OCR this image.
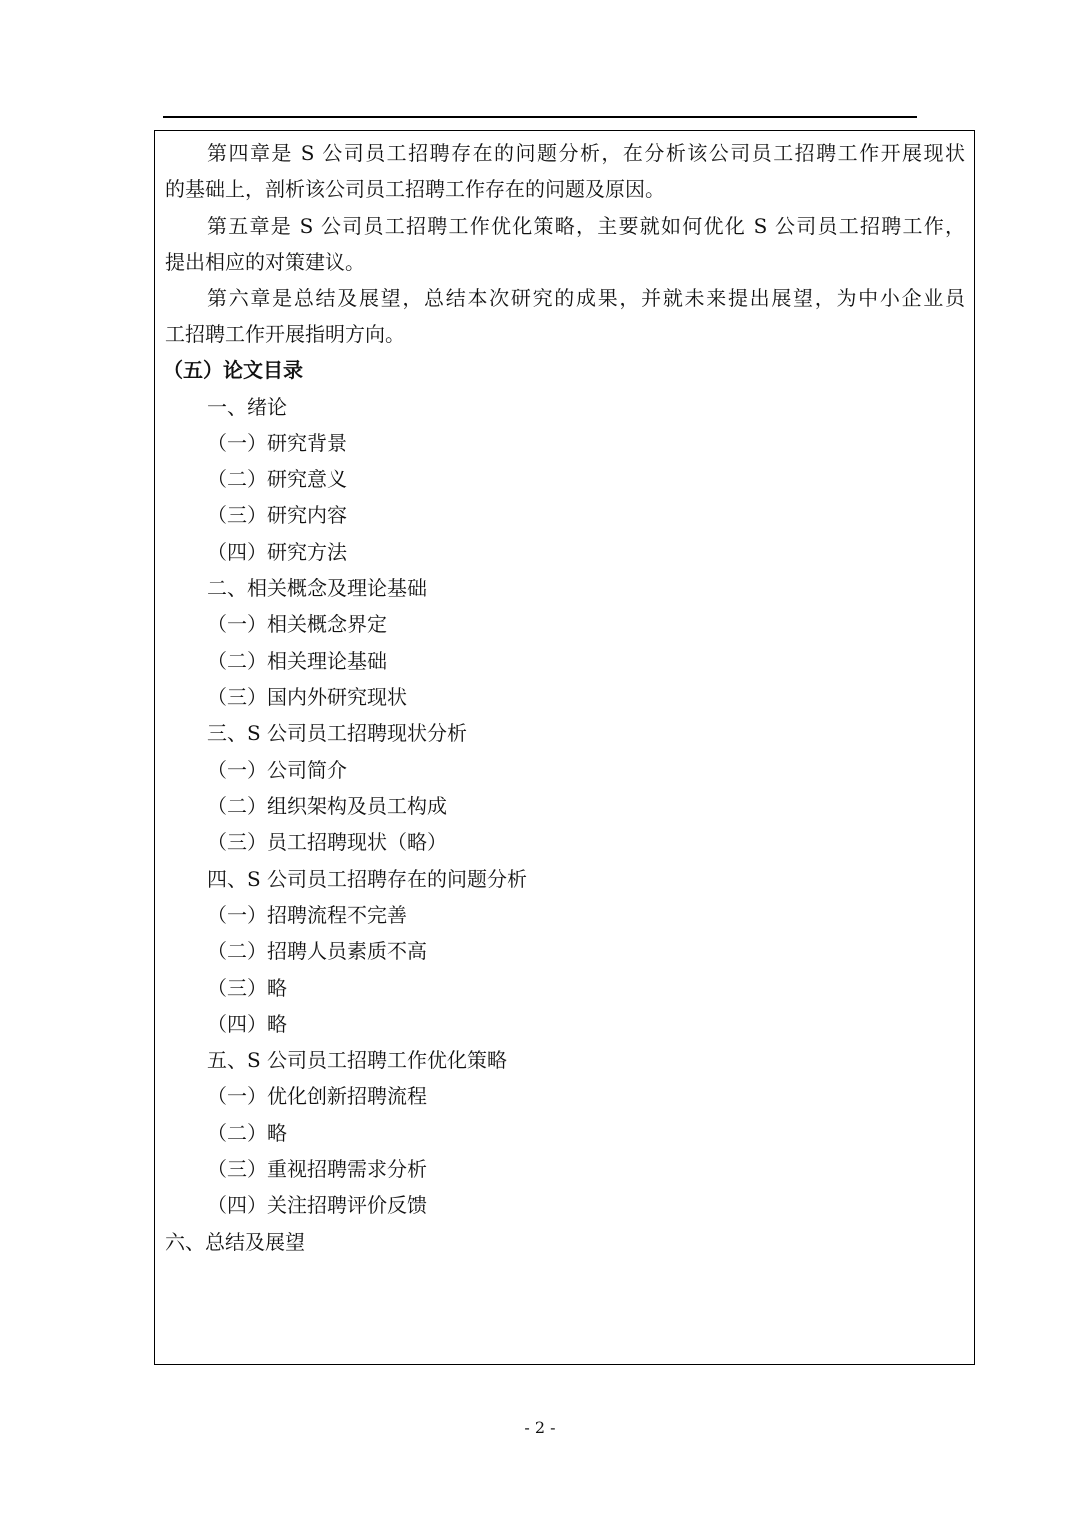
第四章是 S 公司员工招聘存在的问题分析，在分析该公司员工招聘工作开展现状
的基础上，剖析该公司员工招聘工作存在的问题及原因。
第五章是 S 公司员工招聘工作优化策略，主要就如何优化 S 公司员工招聘工作，
提出相应的对策建议。
第六章是总结及展望，总结本次研究的成果，并就未来提出展望，为中小企业员
工招聘工作开展指明方向。
（五）论文目录
一、绪论
（一）研究背景
（二）研究意义
（三）研究内容
（四）研究方法
二、相关概念及理论基础
（一）相关概念界定
（二）相关理论基础
（三）国内外研究现状
三、S 公司员工招聘现状分析
（一）公司简介
（二）组织架构及员工构成
（三）员工招聘现状（略）
四、S 公司员工招聘存在的问题分析
（一）招聘流程不完善
（二）招聘人员素质不高
（三）略
（四）略
五、S 公司员工招聘工作优化策略
（一）优化创新招聘流程
（二）略
（三）重视招聘需求分析
（四）关注招聘评价反馈
六、总结及展望
- 2 -
